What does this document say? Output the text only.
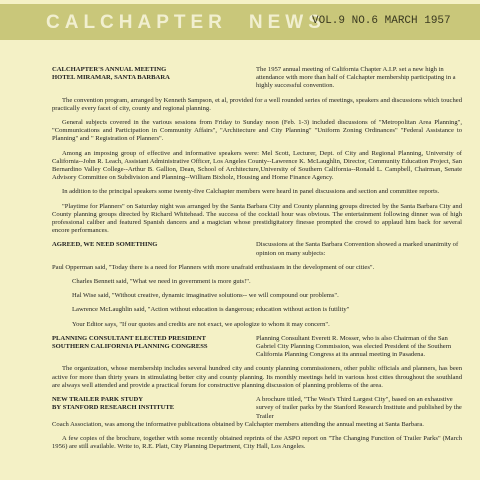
CALCHAPTER NEWS
VOL.9 NO.6 MARCH 1957
CALCHAPTER'S ANNUAL MEETING
HOTEL MIRAMAR, SANTA BARBARA
The 1957 annual meeting of California Chapter A.I.P. set a new high in attendance with more than half of Calchapter membership participating in a highly successful convention.

The convention program, arranged by Kenneth Sampson, et al, provided for a well rounded series of meetings, speakers and discussions which touched practically every facet of city, county and regional planning.

General subjects covered in the various sessions from Friday to Sunday noon (Feb. 1-3) included discussions of "Metropolitan Area Planning", "Communications and Participation in Community Affairs", "Architecture and City Planning" "Uniform Zoning Ordinances" "Federal Assistance to Planning" and " Registration of Planners".

Among an imposing group of effective and informative speakers were: Mel Scott, Lecturer, Dept. of City and Regional Planning, University of California--John R. Leach, Assistant Administrative Officer, Los Angeles County--Lawrence K. McLaughlin, Director, Community Education Project, San Bernardino Valley College--Arthur B. Gallion, Dean, School of Architecture,University of Southern California--Ronald L. Campbell, Chairman, Senate Advisory Committee on Subdivision and Planning--William Bixholz, Housing and Home Finance Agency.

In addition to the principal speakers some twenty-five Calchapter members were heard in panel discussions and section and committee reports.

"Playtime for Planners" on Saturday night was arranged by the Santa Barbara City and County planning groups directed by the Santa Barbara City and County planning groups directed by Richard Whitehead. The success of the cocktail hour was obvious. The entertainment following dinner was of high professional caliber and featured Spanish dancers and a magician whose prestidigitatory finesse prompted the crowd to applaud him back for several encore performances.

AGREED, WE NEED SOMETHING	Discussions at the Santa Barbara Convention showed a marked unanimity of opinion on many subjects:

Paul Opperman said, "Today there is a need for Planners with more unafraid enthusiasm in the development of our cities".

Charles Bennett said, "What we need in government is more guts!".

Hal Wise said, "Without creative, dynamic imaginative solutions-- we will compound our problems".

Lawrence McLaughlin said, "Action without education is dangerous; education without action is futility"

Your Editor says, "If our quotes and credits are not exact, we apologize to whom it may concern".

PLANNING CONSULTANT ELECTED PRESIDENT
SOUTHERN CALIFORNIA PLANNING CONGRESS
Planning Consultant Everett R. Mosser, who is also Chairman of the San Gabriel City Planning Commission, was elected President of the Southern California Planning Congress at its annual meeting in Pasadena.

The organization, whose membership includes several hundred city and county planning commissioners, other public officials and planners, has been active for more than thirty years in stimulating better city and county planning. Its monthly meetings held in various host cities throughout the southland are always well attended and provide a practical forum for constructive planning discussion of planning problems of the area.

NEW TRAILER PARK STUDY
BY STANFORD RESEARCH INSTITUTE
A brochure titled, "The West's Third Largest City", based on an exhaustive survey of trailer parks by the Stanford Research Institute and published by the Trailer

Coach Association, was among the informative publications obtained by Calchapter members attending the annual meeting at Santa Barbara.

A few copies of the brochure, together with some recently obtained reprints of the ASPO report on "The Changing Function of Trailer Parks" (March 1956) are still available. Write to, R.E. Platt, City Planning Department, City Hall, Los Angeles.
